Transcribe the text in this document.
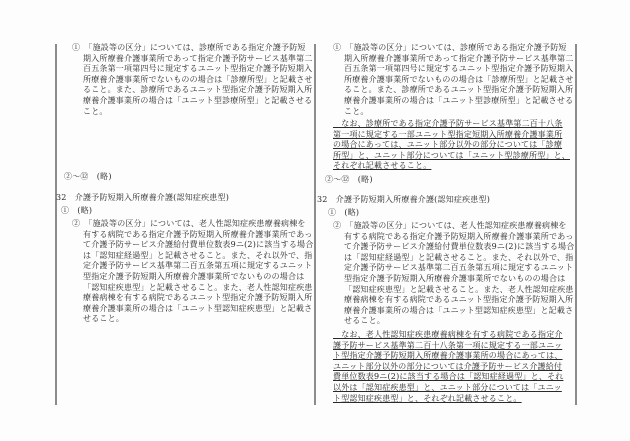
①　「施設等の区分」については、診療所である指定介護予防短
期入所療養介護事業所であって指定介護予防サービス基準第二
百五条第一項第四号に規定するユニット型指定介護予防短期入
所療養介護事業所でないものの場合は「診療所型」と記載させ
ること。また、診療所であるユニット型指定介護予防短期入所
療養介護事業所の場合は「ユニット型診療所型」と記載させる
こと。
②〜⑫　(略)
32　介護予防短期入所療養介護(認知症疾患型)
①　(略)
②　「施設等の区分」については、老人性認知症疾患療養病棟を
有する病院である指定介護予防短期入所療養介護事業所であっ
て介護予防サービス介護給付費単位数表9ニ(2)に該当する場合
は「認知症経過型」と記載させること。また、それ以外で、指
定介護予防サービス基準第二百五条第五項に規定するユニット
型指定介護予防短期入所療養介護事業所でないものの場合は
「認知症疾患型」と記載させること。また、老人性認知症疾患
療養病棟を有する病院であるユニット型指定介護予防短期入所
療養介護事業所の場合は「ユニット型認知症疾患型」と記載さ
せること。
①　「施設等の区分」については、診療所である指定介護予防短
期入所療養介護事業所であって指定介護予防サービス基準第二
百五条第一項第四号に規定するユニット型指定介護予防短期入
所療養介護事業所でないものの場合は「診療所型」と記載させ
ること。また、診療所であるユニット型指定介護予防短期入所
療養介護事業所の場合は「ユニット型診療所型」と記載させる
こと。
　なお、診療所である指定介護予防サービス基準第二百十八条
第一項に規定する一部ユニット型指定短期入所療養介護事業所
の場合にあっては、ユニット部分以外の部分については「診療
所型」と、ユニット部分については「ユニット型診療所型」と、
それぞれ記載させること。
②〜⑫　(略)
32　介護予防短期入所療養介護(認知症疾患型)
①　(略)
②　「施設等の区分」については、老人性認知症疾患療養病棟を
有する病院である指定介護予防短期入所療養介護事業所であっ
て介護予防サービス介護給付費単位数表9ニ(2)に該当する場合
は「認知症経過型」と記載させること。また、それ以外で、指
定介護予防サービス基準第二百五条第五項に規定するユニット
型指定介護予防短期入所療養介護事業所でないものの場合は
「認知症疾患型」と記載させること。また、老人性認知症疾患
療養病棟を有する病院であるユニット型指定介護予防短期入所
療養介護事業所の場合は「ユニット型認知症疾患型」と記載さ
せること。
　なお、老人性認知症疾患療養病棟を有する病院である指定介
護予防サービス基準第二百十八条第一項に規定する一部ユニッ
ト型指定介護予防短期入所療養介護事業所の場合にあっては、
ユニット部分以外の部分については介護予防サービス介護給付
費単位数表9ニ(2)に該当する場合は「認知症経過型」と、それ
以外は「認知症疾患型」と、ユニット部分については「ユニッ
ト型認知症疾患型」と、それぞれ記載させること。
